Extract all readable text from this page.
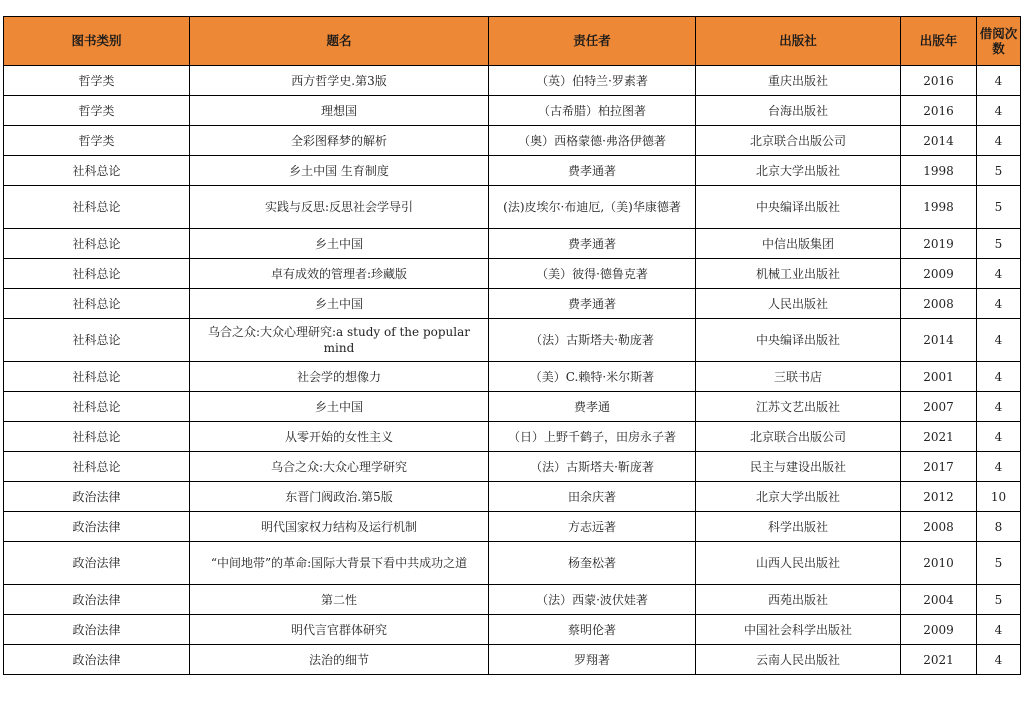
图书类别	题名	责任者	出版社	出版年	借阅次数
哲学类	西方哲学史.第3版	（英）伯特兰·罗素著	重庆出版社	2016	4
哲学类	理想国	（古希腊）柏拉图著	台海出版社	2016	4
哲学类	全彩图释梦的解析	（奥）西格蒙德·弗洛伊德著	北京联合出版公司	2014	4
社科总论	乡土中国 生育制度	费孝通著	北京大学出版社	1998	5
社科总论	实践与反思:反思社会学导引	(法)皮埃尔·布迪厄,（美)华康德著	中央编译出版社	1998	5
社科总论	乡土中国	费孝通著	中信出版集团	2019	5
社科总论	卓有成效的管理者:珍藏版	（美）彼得·德鲁克著	机械工业出版社	2009	4
社科总论	乡土中国	费孝通著	人民出版社	2008	4
社科总论	乌合之众:大众心理研究:a study of the popular mind	（法）古斯塔夫·勒庞著	中央编译出版社	2014	4
社科总论	社会学的想像力	（美）C.赖特·米尔斯著	三联书店	2001	4
社科总论	乡土中国	费孝通	江苏文艺出版社	2007	4
社科总论	从零开始的女性主义	（日）上野千鹤子，田房永子著	北京联合出版公司	2021	4
社科总论	乌合之众:大众心理学研究	（法）古斯塔夫·靳庞著	民主与建设出版社	2017	4
政治法律	东晋门阀政治.第5版	田余庆著	北京大学出版社	2012	10
政治法律	明代国家权力结构及运行机制	方志远著	科学出版社	2008	8
政治法律	“中间地带”的革命:国际大背景下看中共成功之道	杨奎松著	山西人民出版社	2010	5
政治法律	第二性	（法）西蒙·波伏娃著	西苑出版社	2004	5
政治法律	明代言官群体研究	蔡明伦著	中国社会科学出版社	2009	4
政治法律	法治的细节	罗翔著	云南人民出版社	2021	4
